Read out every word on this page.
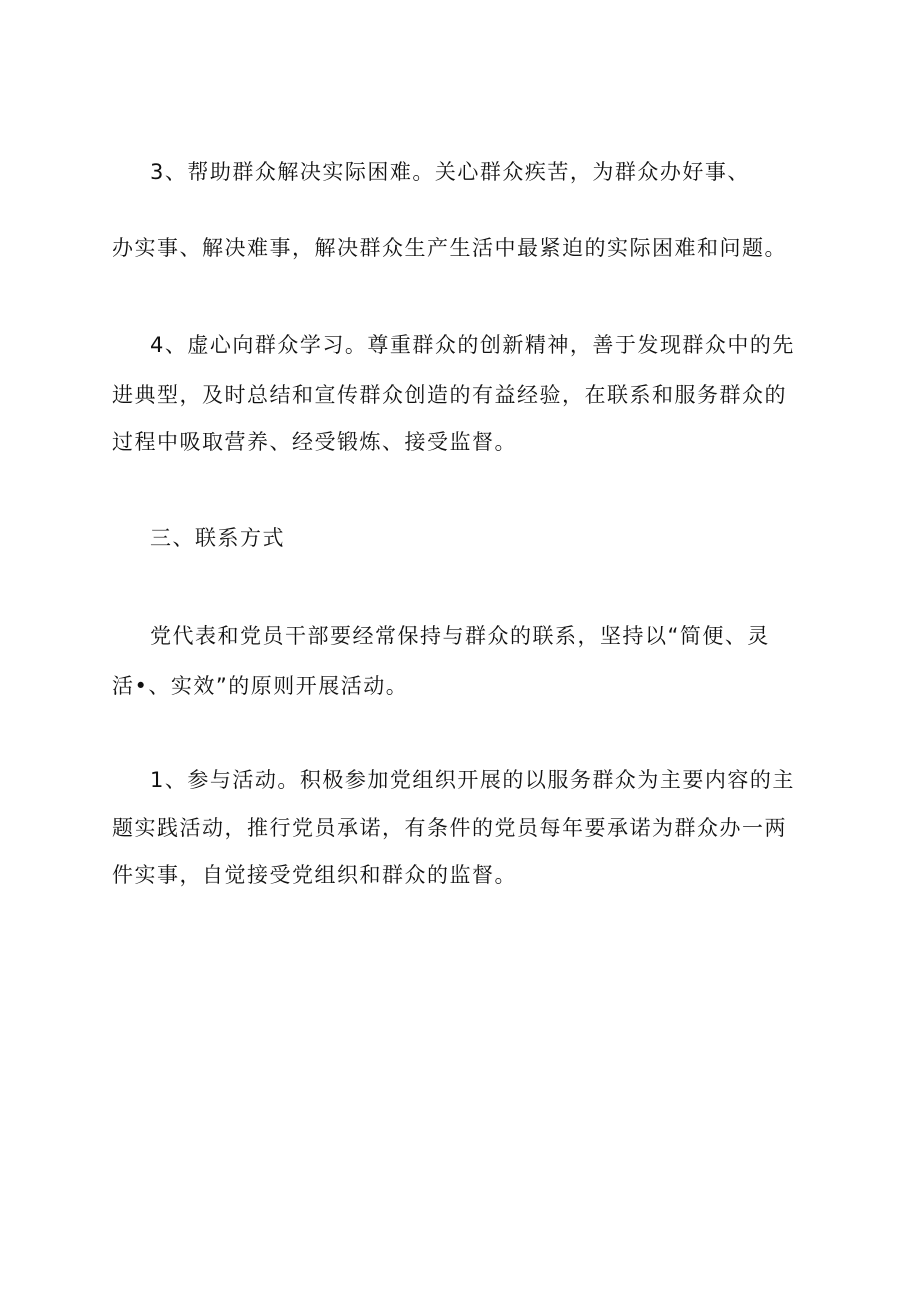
3、帮助群众解决实际困难。关心群众疾苦，为群众办好事、
办实事、解决难事，解决群众生产生活中最紧迫的实际困难和问题。
4、虚心向群众学习。尊重群众的创新精神，善于发现群众中的先
进典型，及时总结和宣传群众创造的有益经验，在联系和服务群众的
过程中吸取营养、经受锻炼、接受监督。
三、联系方式
党代表和党员干部要经常保持与群众的联系，坚持以“简便、灵
活•、实效”的原则开展活动。
1、参与活动。积极参加党组织开展的以服务群众为主要内容的主
题实践活动，推行党员承诺，有条件的党员每年要承诺为群众办一两
件实事，自觉接受党组织和群众的监督。
